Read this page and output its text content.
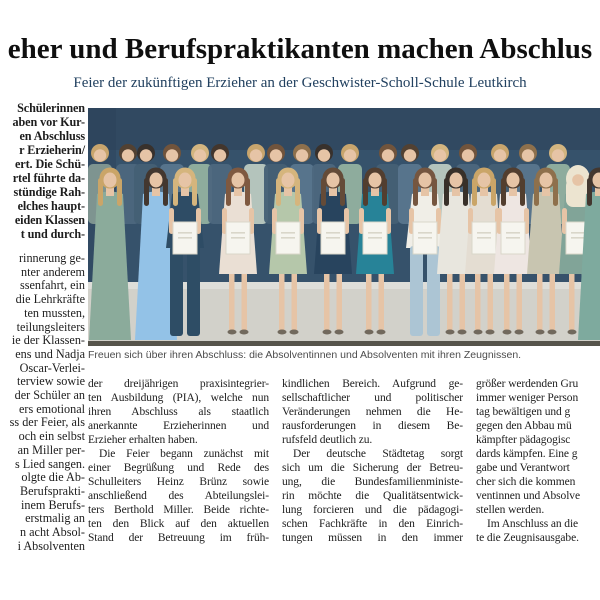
eher und Berufspraktikanten machen Abschlus
Feier der zukünftigen Erzieher an der Geschwister-Scholl-Schule Leutkirch
Schülerinnen
aben vor Kur-
en Abschluss
r Erzieherin/
ert. Die Schü-
rtel führte da-
stündige Rah-
elches haupt-
eiden Klassen
t und durch-
rinnerung ge-
nter anderem
ssenfahrt, ein
die Lehrkräfte
ten mussten,
teilungsleiters
ie der Klassen-
ens und Nadja
Oscar-Verlei-
terview sowie
der Schüler an
ers emotional
ss der Feier, als
och ein selbst
an Miller per-
s Lied sangen.
olgte die Ab-
Berufsprakti-
inem Berufs-
erstmalig an
n acht Absol-
i Absolventen
Freuen sich über ihren Abschluss: die Absolventinnen und Absolventen mit ihren Zeugnissen.
der dreijährigen praxisintegrier-
ten Ausbildung (PIA), welche nun
ihren Abschluss als staatlich
anerkannte Erzieherinnen und
Erzieher erhalten haben.
Die Feier begann zunächst mit
einer Begrüßung und Rede des
Schulleiters Heinz Brünz sowie
anschließend des Abteilungslei-
ters Berthold Miller. Beide richte-
ten den Blick auf den aktuellen
Stand der Betreuung im früh-
kindlichen Bereich. Aufgrund ge-
sellschaftlicher und politischer
Veränderungen nehmen die He-
rausforderungen in diesem Be-
rufsfeld deutlich zu.
Der deutsche Städtetag sorgt
sich um die Sicherung der Betreu-
ung, die Bundesfamilienministe-
rin möchte die Qualitätsentwick-
lung forcieren und die pädagogi-
schen Fachkräfte in den Einrich-
tungen müssen in den immer
größer werdenden Gru
immer weniger Person
tag bewältigen und g
gegen den Abbau mü
kämpfter pädagogisc
dards kämpfen. Eine g
gabe und Verantwort
cher sich die kommen
ventinnen und Absolve
stellen werden.
Im Anschluss an die
te die Zeugnisausgabe.
